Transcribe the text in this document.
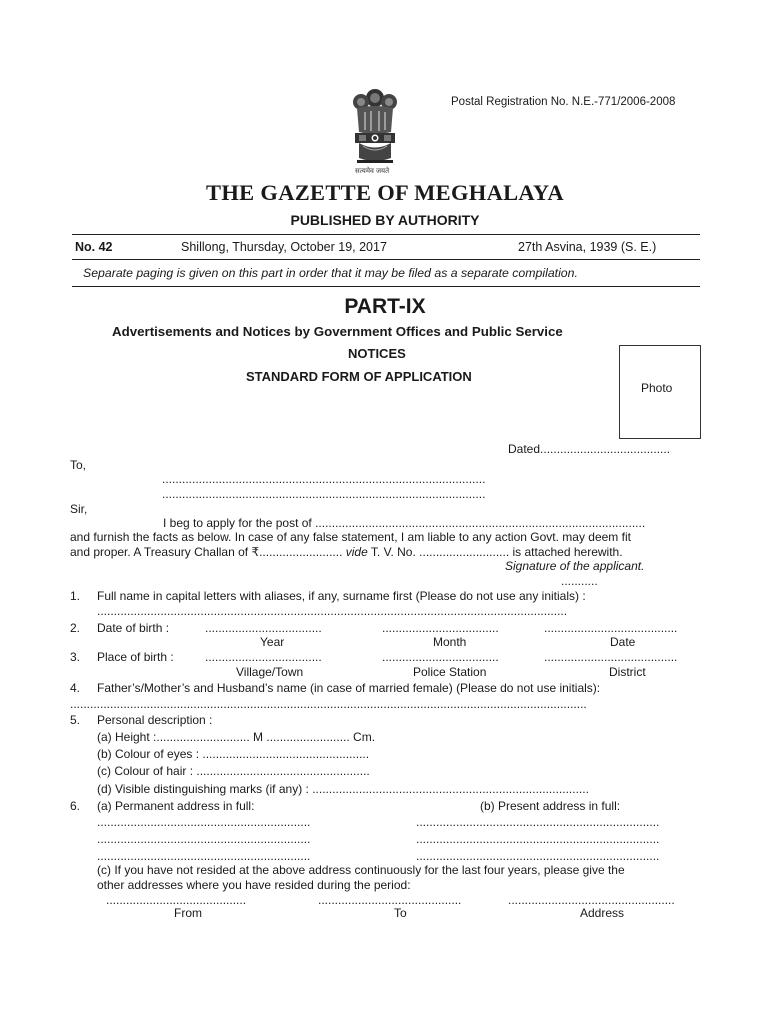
सत्यमेव जयते
Postal Registration No. N.E.-771/2006-2008
THE GAZETTE OF MEGHALAYA
PUBLISHED BY AUTHORITY
No. 42	Shillong, Thursday, October 19, 2017	27th Asvina, 1939 (S. E.)
Separate paging is given on this part in order that it may be filed as a separate compilation.
PART-IX
Advertisements and Notices by Government Offices and Public Service
NOTICES
STANDARD FORM OF APPLICATION
Photo
Dated.......................................
To,
.................................................................................................
.................................................................................................
Sir,
I beg to apply for the post of ...................................................................................................
and furnish the facts as below. In case of any false statement, I am liable to any action Govt. may deem fit
and proper. A Treasury Challan of ₹......................... vide T. V. No. ........................... is attached herewith.
Signature of the applicant.
...........
1. Full name in capital letters with aliases, if any, surname first (Please do not use any initials) :
.............................................................................................................................................
2. Date of birth :	...................................	...................................	........................................
Year	Month	Date
3. Place of birth :	...................................	...................................	........................................
Village/Town	Police Station	District
4. Father’s/Mother’s and Husband’s name (in case of married female) (Please do not use initials):
...........................................................................................................................................................
5. Personal description :
(a) Height :............................ M ......................... Cm.
(b) Colour of eyes : ..................................................
(c) Colour of hair : ....................................................
(d) Visible distinguishing marks (if any) : ...................................................................................
6. (a) Permanent address in full:	(b) Present address in full:
................................................................
................................................................
................................................................
.........................................................................
.........................................................................
.........................................................................
(c) If you have not resided at the above address continuously for the last four years, please give the
other addresses where you have resided during the period:
..........................................	...........................................	..................................................
From	To	Address
